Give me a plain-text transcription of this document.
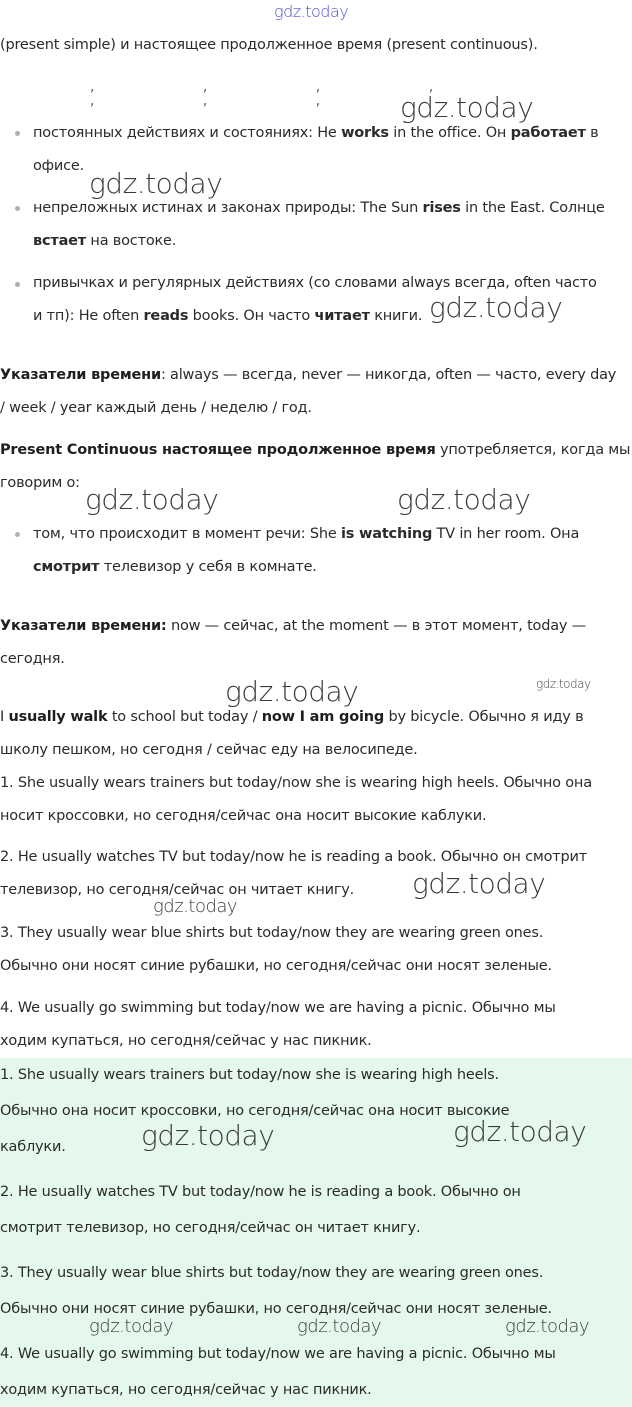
gdz.today

(present simple) и настоящее продолженное время (present continuous).

, , , , , , ,

постоянных действиях и состояниях: He works in the office. Он работает в

офисе.

непреложных истинах и законах природы: The Sun rises in the East. Солнце

встает на востоке.

привычках и регулярных действиях (со словами always всегда, often часто

и тп): He often reads books. Он часто читает книги.

Указатели времени: always — всегда, never — никогда, often — часто, every day

/ week / year каждый день / неделю / год.

Present Continuous настоящее продолженное время употребляется, когда мы

говорим о:

том, что происходит в момент речи: She is watching TV in her room. Она

смотрит телевизор у себя в комнате.

Указатели времени: now — сейчас, at the moment — в этот момент, today —

сегодня.

I usually walk to school but today / now I am going by bicycle. Обычно я иду в

школу пешком, но сегодня / сейчас еду на велосипеде.

1. She usually wears trainers but today/now she is wearing high heels. Обычно она

носит кроссовки, но сегодня/сейчас она носит высокие каблуки.

2. He usually watches TV but today/now he is reading a book. Обычно он смотрит

телевизор, но сегодня/сейчас он читает книгу.

3. They usually wear blue shirts but today/now they are wearing green ones.

Обычно они носят синие рубашки, но сегодня/сейчас они носят зеленые.

4. We usually go swimming but today/now we are having a picnic. Обычно мы

ходим купаться, но сегодня/сейчас у нас пикник.

1. She usually wears trainers but today/now she is wearing high heels.

Обычно она носит кроссовки, но сегодня/сейчас она носит высокие

каблуки.

2. He usually watches TV but today/now he is reading a book. Обычно он

смотрит телевизор, но сегодня/сейчас он читает книгу.

3. They usually wear blue shirts but today/now they are wearing green ones.

Обычно они носят синие рубашки, но сегодня/сейчас они носят зеленые.

4. We usually go swimming but today/now we are having a picnic. Обычно мы

ходим купаться, но сегодня/сейчас у нас пикник.

gdz.today
gdz.today
gdz.today
gdz.today	gdz.today
gdz.today	gdz.today
gdz.today
gdz.today
gdz.today	gdz.today
gdz.today	gdz.today	gdz.today
